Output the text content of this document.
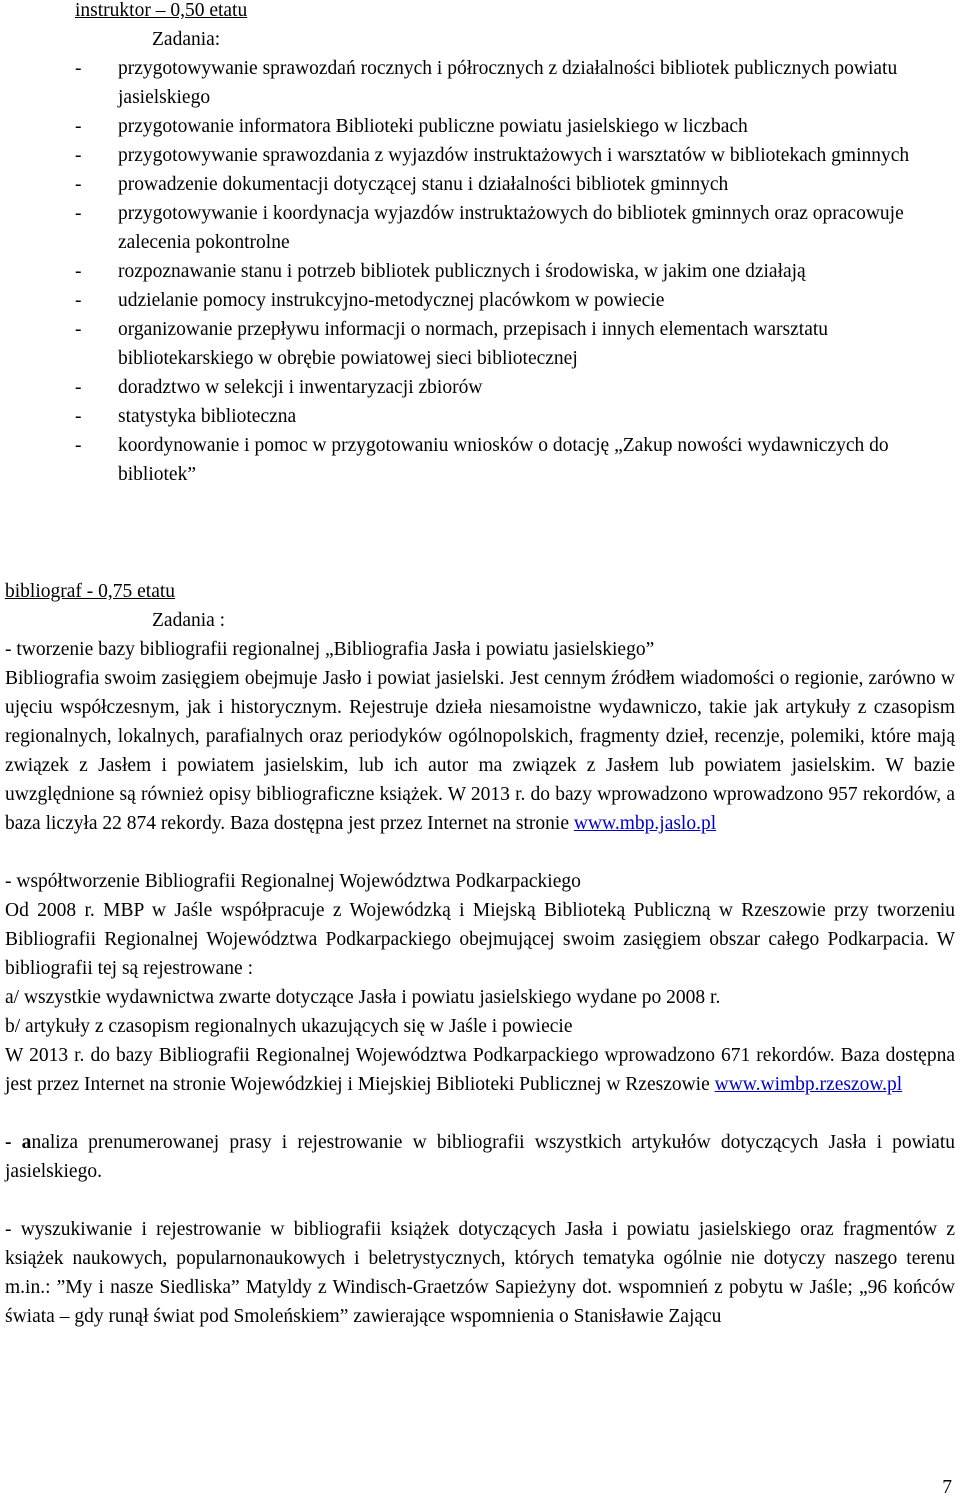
instruktor – 0,50 etatu
Zadania:
-	przygotowywanie sprawozdań rocznych i półrocznych z działalności bibliotek publicznych powiatu jasielskiego
-	przygotowanie informatora Biblioteki publiczne powiatu jasielskiego w liczbach
-	przygotowywanie sprawozdania z wyjazdów instruktażowych i warsztatów w bibliotekach gminnych
-	prowadzenie dokumentacji dotyczącej stanu i działalności bibliotek gminnych
-	przygotowywanie i koordynacja wyjazdów instruktażowych do bibliotek gminnych oraz opracowuje zalecenia pokontrolne
-	rozpoznawanie stanu i potrzeb bibliotek publicznych i środowiska, w jakim one działają
-	udzielanie pomocy instrukcyjno-metodycznej placówkom w powiecie
-	organizowanie przepływu informacji o normach, przepisach i innych elementach warsztatu bibliotekarskiego w obrębie powiatowej sieci bibliotecznej
-	doradztwo w selekcji i inwentaryzacji zbiorów
-	statystyka biblioteczna
-	koordynowanie i pomoc w przygotowaniu wniosków o dotację „Zakup nowości wydawniczych do bibliotek”
bibliograf - 0,75 etatu
Zadania :
- tworzenie bazy bibliografii regionalnej „Bibliografia Jasła i powiatu jasielskiego”
Bibliografia swoim zasięgiem obejmuje Jasło i powiat jasielski. Jest cennym źródłem wiadomości o regionie, zarówno w ujęciu współczesnym, jak i historycznym. Rejestruje dzieła niesamoistne wydawniczo, takie jak artykuły z czasopism regionalnych, lokalnych, parafialnych oraz periodyków ogólnopolskich, fragmenty dzieł, recenzje, polemiki, które mają związek z Jasłem i powiatem jasielskim, lub ich autor ma związek z Jasłem lub powiatem jasielskim. W bazie uwzględnione są również opisy bibliograficzne książek. W 2013 r. do bazy wprowadzono wprowadzono 957 rekordów, a baza liczyła 22 874 rekordy. Baza dostępna jest przez Internet na stronie www.mbp.jaslo.pl
- współtworzenie Bibliografii Regionalnej Województwa Podkarpackiego
Od 2008 r. MBP w Jaśle współpracuje z Wojewódzką i Miejską Biblioteką Publiczną w Rzeszowie przy tworzeniu Bibliografii Regionalnej Województwa Podkarpackiego obejmującej swoim zasięgiem obszar całego Podkarpacia. W bibliografii tej są rejestrowane :
a/ wszystkie wydawnictwa zwarte dotyczące Jasła i powiatu jasielskiego wydane po 2008 r.
b/ artykuły z czasopism regionalnych ukazujących się w Jaśle i powiecie
W 2013 r. do bazy Bibliografii Regionalnej Województwa Podkarpackiego wprowadzono 671 rekordów. Baza dostępna jest przez Internet na stronie Wojewódzkiej i Miejskiej Biblioteki Publicznej w Rzeszowie www.wimbp.rzeszow.pl
- analiza prenumerowanej prasy i rejestrowanie w bibliografii wszystkich artykułów dotyczących Jasła i powiatu jasielskiego.
- wyszukiwanie i rejestrowanie w bibliografii książek dotyczących Jasła i powiatu jasielskiego oraz fragmentów z książek naukowych, popularnonaukowych i beletrystycznych, których tematyka ogólnie nie dotyczy naszego terenu m.in.: ”My i nasze Siedliska” Matyldy z Windisch-Graetzów Sapieżyny dot. wspomnień z pobytu w Jaśle; „96 końców świata – gdy runął świat pod Smoleńskiem” zawierające wspomnienia o Stanisławie Zającu
7
